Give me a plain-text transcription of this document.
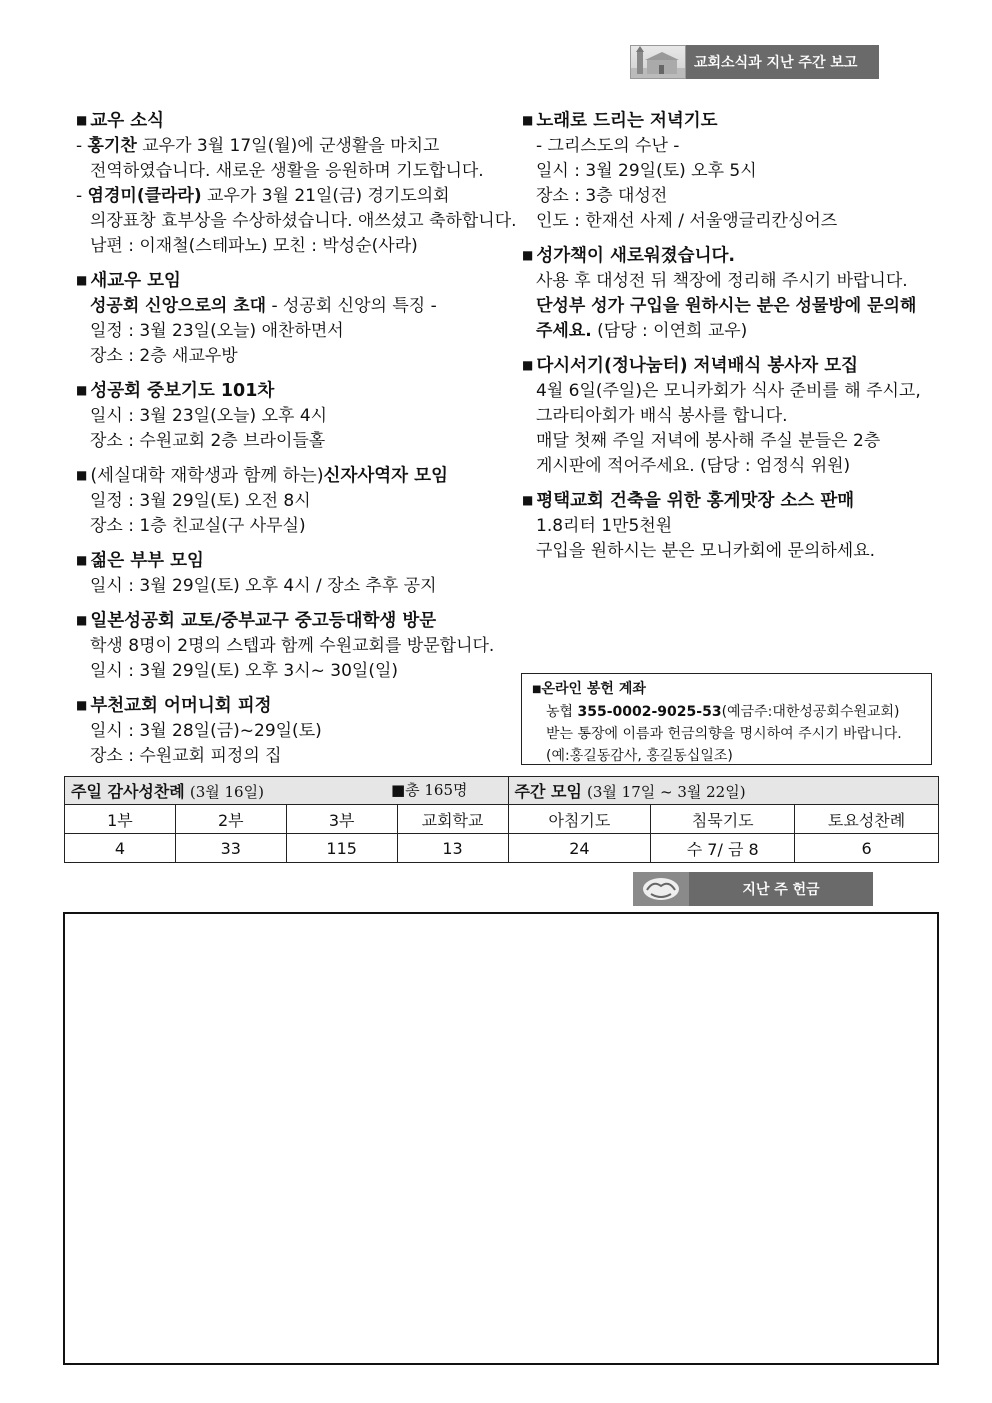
교회소식과 지난 주간 보고
■ 교우 소식
- 홍기찬 교우가 3월 17일(월)에 군생활을 마치고
전역하였습니다. 새로운 생활을 응원하며 기도합니다.
- 염경미(클라라) 교우가 3월 21일(금) 경기도의회
의장표창 효부상을 수상하셨습니다. 애쓰셨고 축하합니다.
남편 : 이재철(스테파노) 모친 : 박성순(사라)
■ 새교우 모임
성공회 신앙으로의 초대 - 성공회 신앙의 특징 -
일정 : 3월 23일(오늘) 애찬하면서
장소 : 2층 새교우방
■ 성공회 중보기도 101차
일시 : 3월 23일(오늘) 오후 4시
장소 : 수원교회 2층 브라이들홀
■ (세실대학 재학생과 함께 하는)신자사역자 모임
일정 : 3월 29일(토) 오전 8시
장소 : 1층 친교실(구 사무실)
■ 젊은 부부 모임
일시 : 3월 29일(토) 오후 4시 / 장소 추후 공지
■ 일본성공회 교토/중부교구 중고등대학생 방문
학생 8명이 2명의 스텝과 함께 수원교회를 방문합니다.
일시 : 3월 29일(토) 오후 3시~ 30일(일)
■ 부천교회 어머니회 피정
일시 : 3월 28일(금)~29일(토)
장소 : 수원교회 피정의 집
■ 노래로 드리는 저녁기도
- 그리스도의 수난 -
일시 : 3월 29일(토) 오후 5시
장소 : 3층 대성전
인도 : 한재선 사제 / 서울앵글리칸싱어즈
■ 성가책이 새로워졌습니다.
사용 후 대성전 뒤 책장에 정리해 주시기 바랍니다.
단성부 성가 구입을 원하시는 분은 성물방에 문의해
주세요. (담당 : 이연희 교우)
■ 다시서기(정나눔터) 저녁배식 봉사자 모집
4월 6일(주일)은 모니카회가 식사 준비를 해 주시고,
그라티아회가 배식 봉사를 합니다.
매달 첫째 주일 저녁에 봉사해 주실 분들은 2층
게시판에 적어주세요. (담당 : 엄정식 위원)
■ 평택교회 건축을 위한 홍게맛장 소스 판매
1.8리터 1만5천원
구입을 원하시는 분은 모니카회에 문의하세요.
■온라인 봉헌 계좌
농협 355-0002-9025-53(예금주:대한성공회수원교회)
받는 통장에 이름과 헌금의향을 명시하여 주시기 바랍니다.
(예:홍길동감사, 홍길동십일조)
주일 감사성찬례 (3월 16일) ■총 165명				주간 모임 (3월 17일 ~ 3월 22일)		
1부	2부	3부	교회학교	아침기도	침묵기도	토요성찬례
4	33	115	13	24	수 7/ 금 8	6
지난 주 헌금
